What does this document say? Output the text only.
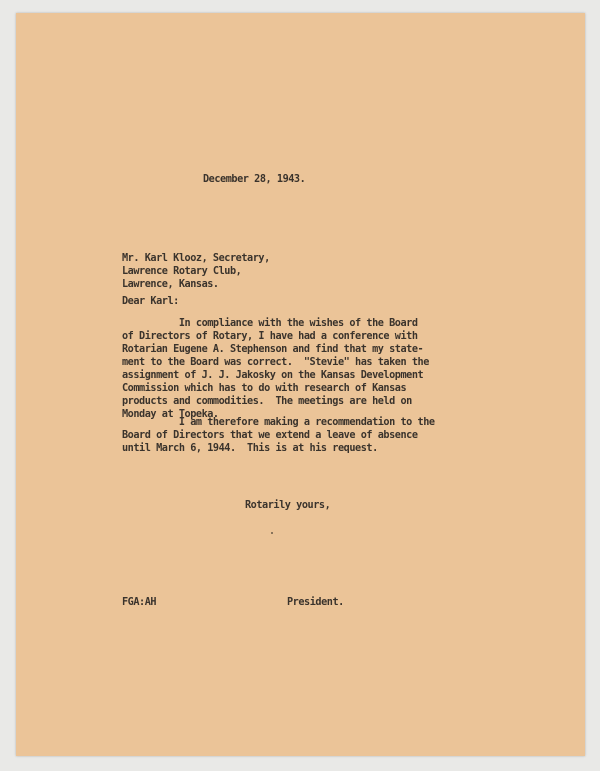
December 28, 1943.
Mr. Karl Klooz, Secretary,
Lawrence Rotary Club,
Lawrence, Kansas.
Dear Karl:
In compliance with the wishes of the Board
of Directors of Rotary, I have had a conference with
Rotarian Eugene A. Stephenson and find that my state-
ment to the Board was correct.  "Stevie" has taken the
assignment of J. J. Jakosky on the Kansas Development
Commission which has to do with research of Kansas
products and commodities.  The meetings are held on
Monday at Topeka.
I am therefore making a recommendation to the
Board of Directors that we extend a leave of absence
until March 6, 1944.  This is at his request.
Rotarily yours,
FGA:AH	President.
